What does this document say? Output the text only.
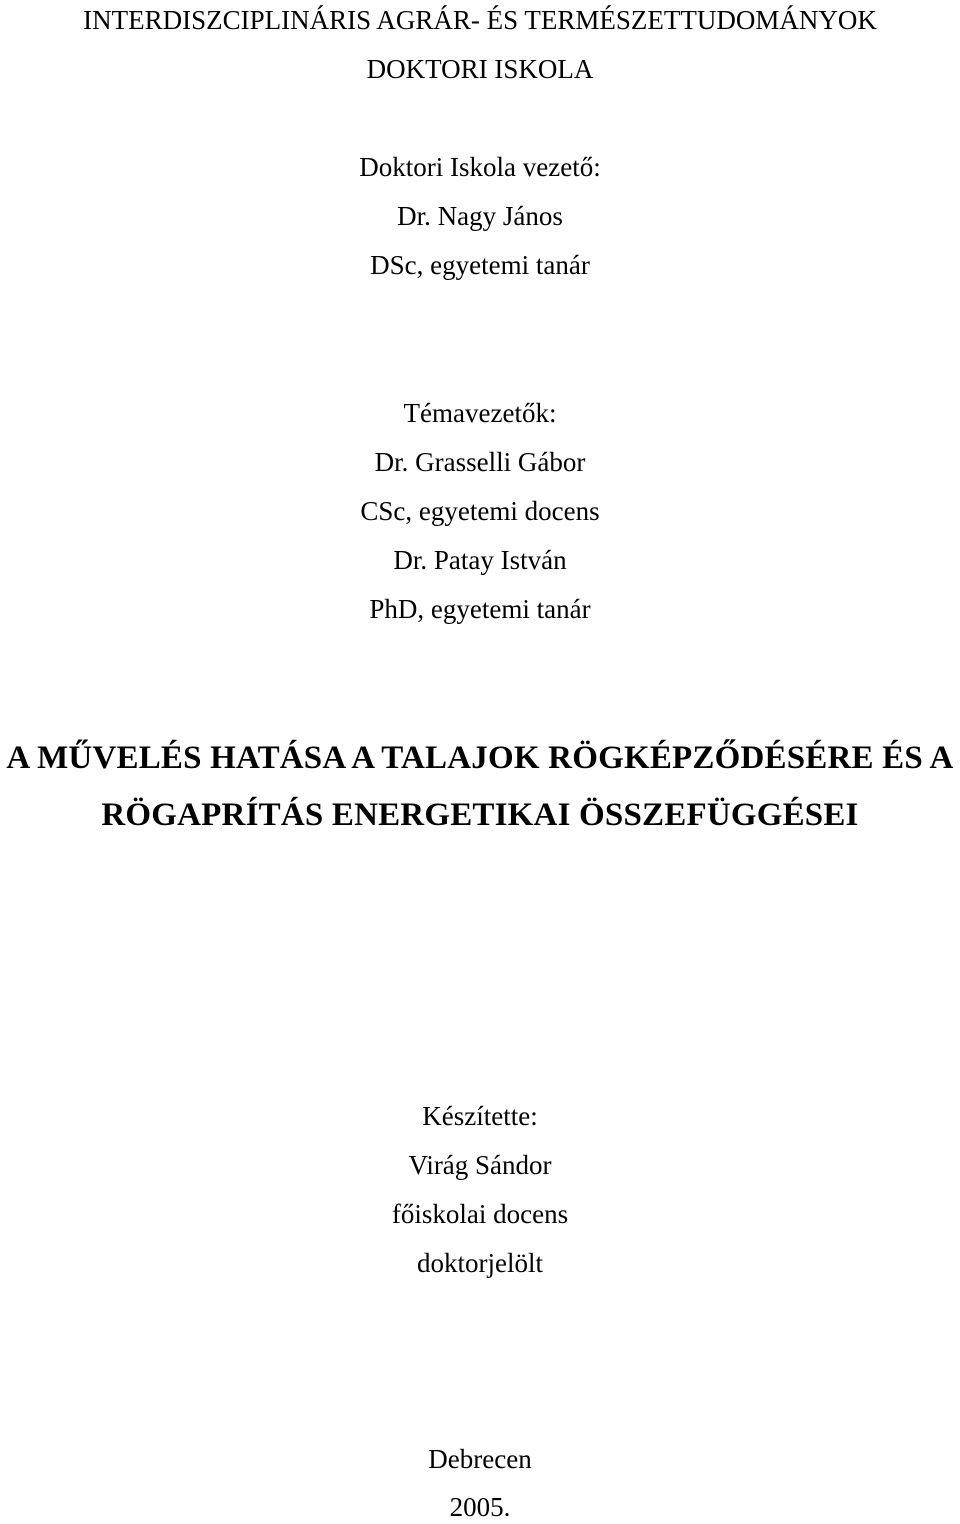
INTERDISZCIPLINÁRIS AGRÁR- ÉS TERMÉSZETTUDOMÁNYOK
DOKTORI ISKOLA
Doktori Iskola vezető:
Dr. Nagy János
DSc, egyetemi tanár
Témavezetők:
Dr. Grasselli Gábor
CSc, egyetemi docens
Dr. Patay István
PhD, egyetemi tanár
A MŰVELÉS HATÁSA A TALAJOK RÖGKÉPZŐDÉSÉRE ÉS A
RÖGAPRÍTÁS ENERGETIKAI ÖSSZEFÜGGÉSEI
Készítette:
Virág Sándor
főiskolai docens
doktorjelölt
Debrecen
2005.
